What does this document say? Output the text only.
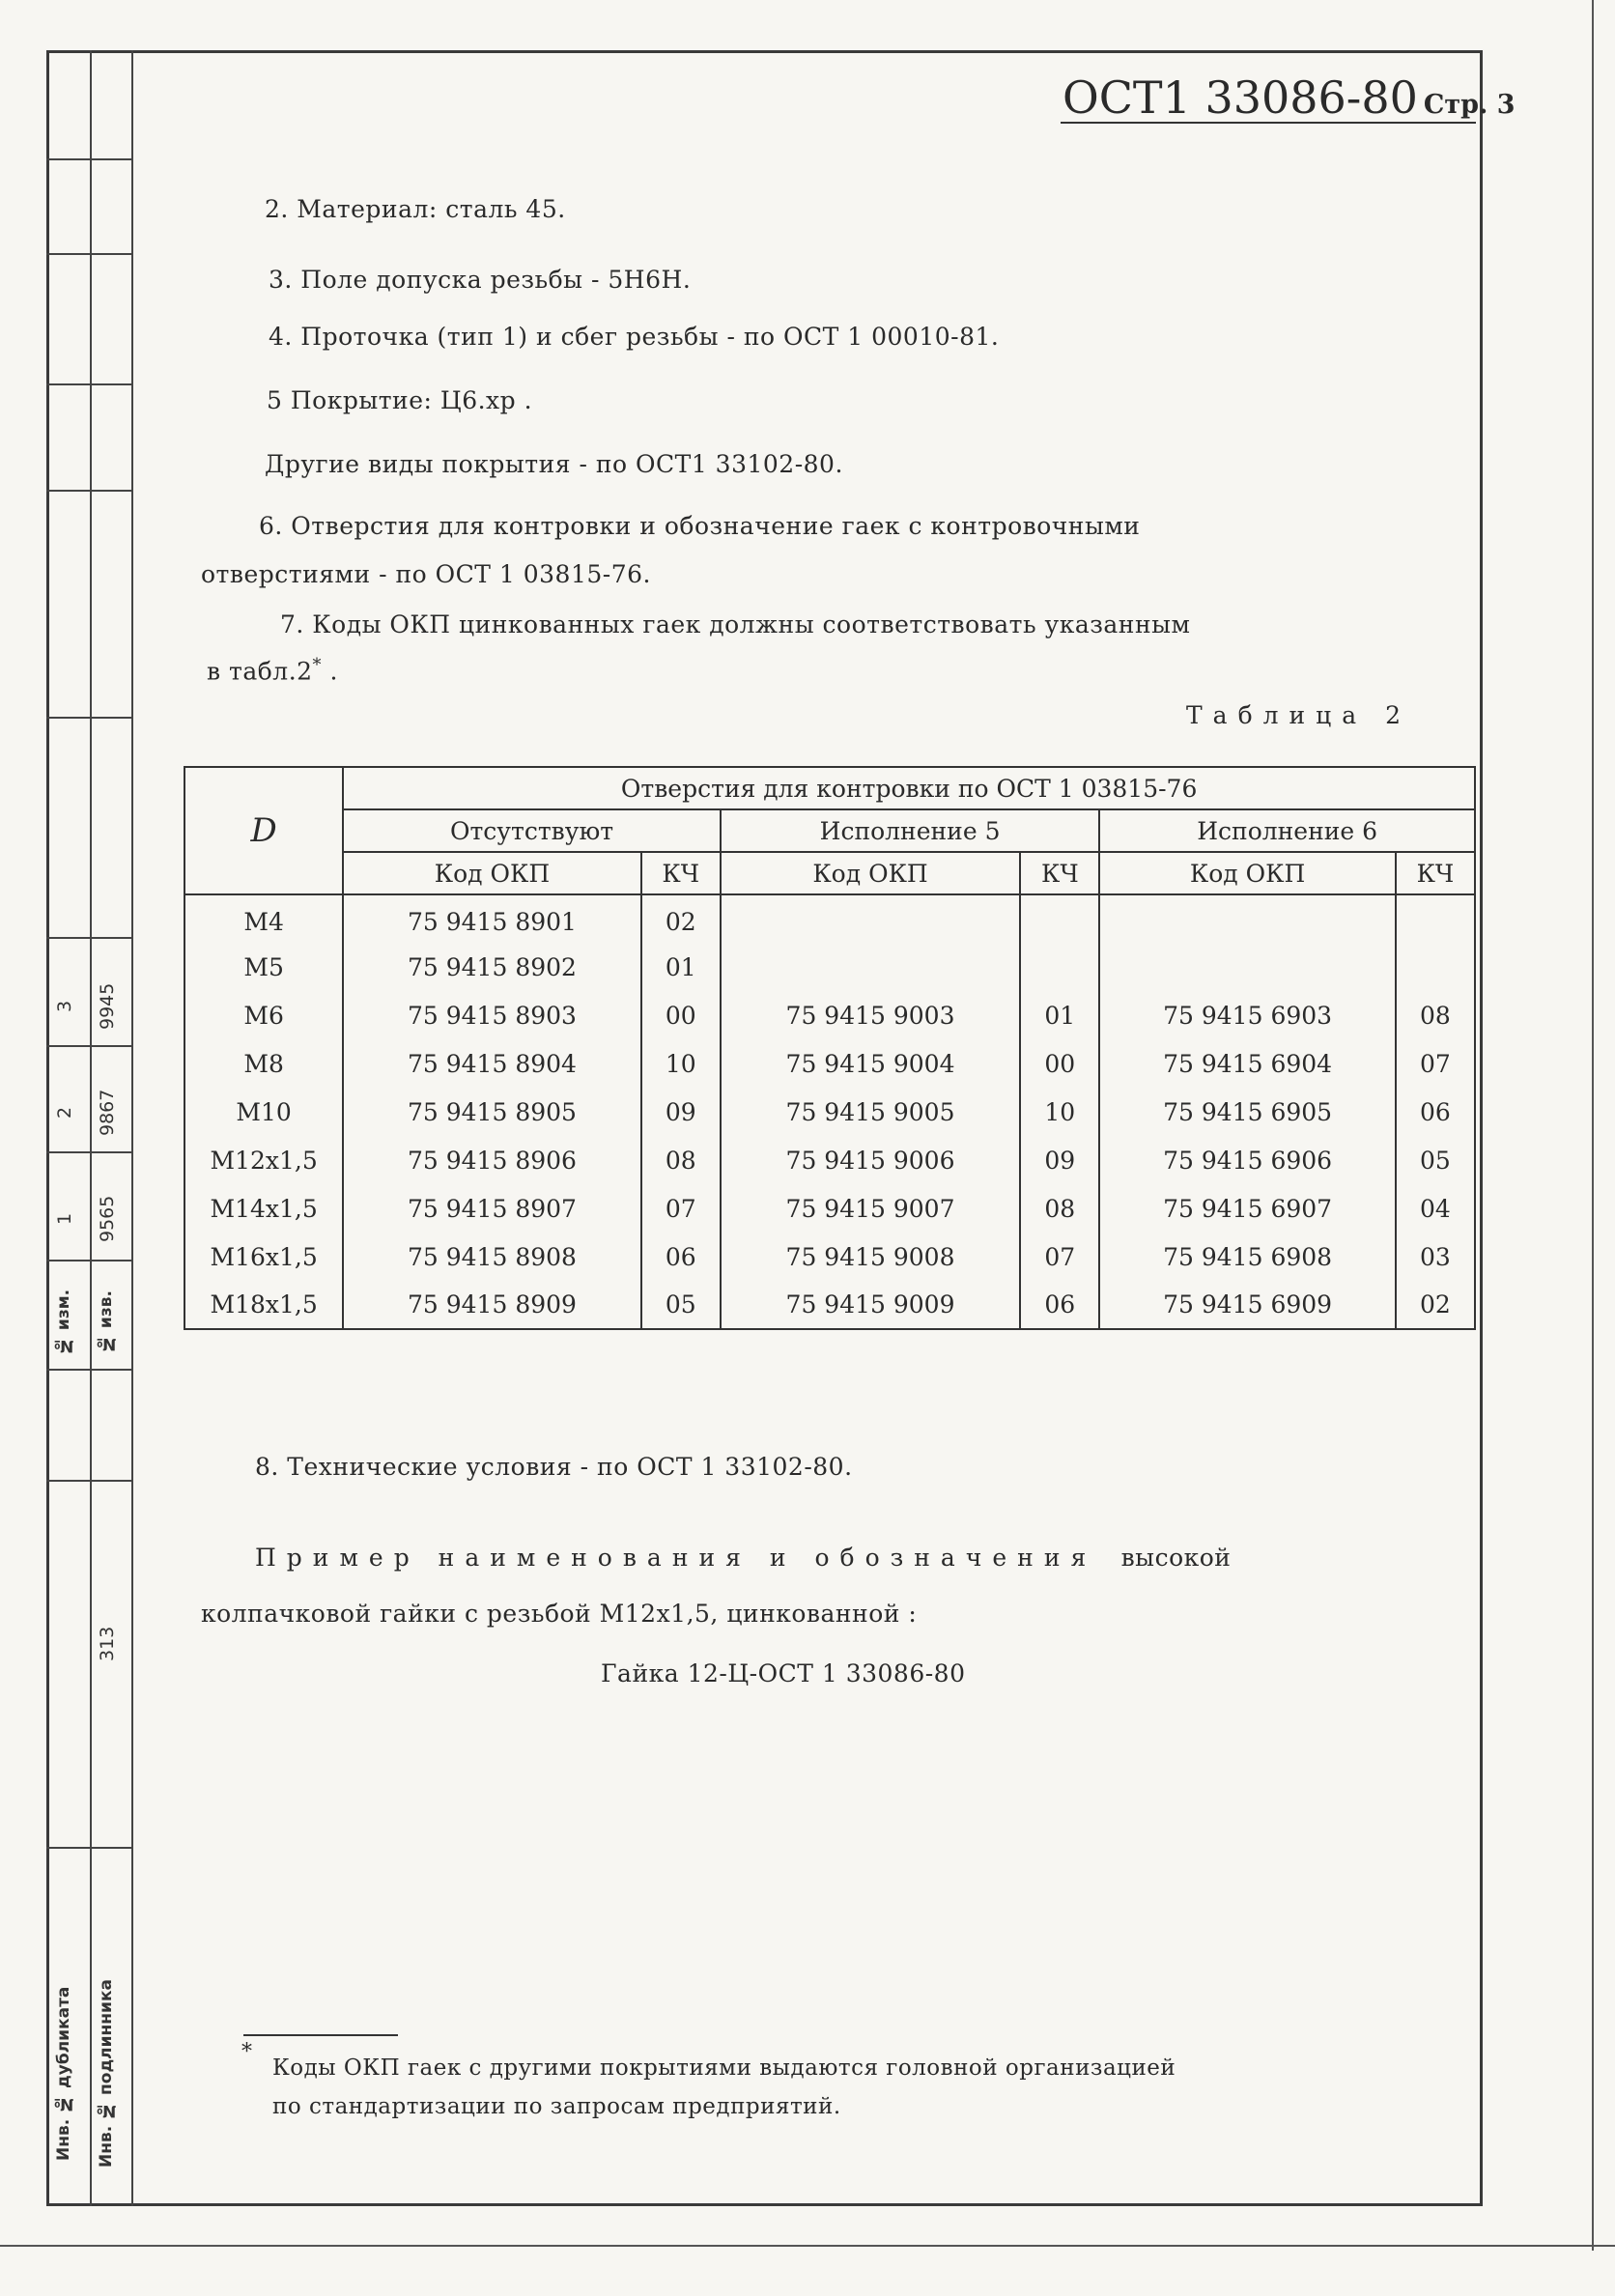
3	9945
2	9867
1	9565
№ изм.	№ изв.
313
Инв. № дубликата	Инв. № подлинника
ОСТ1 33086-80 Стр. 3
2. Материал: сталь 45.
3. Поле допуска резьбы - 5Н6Н.
4. Проточка (тип 1) и сбег резьбы - по ОСТ 1 00010-81.
5 Покрытие: Ц6.хр .
Другие виды покрытия - по ОСТ1 33102-80.
6. Отверстия для контровки и обозначение гаек с контровочными
отверстиями - по ОСТ 1 03815-76.
7. Коды ОКП цинкованных гаек должны соответствовать указанным
в табл.2* .
Таблица 2
D	Отверстия для контровки по ОСТ 1 03815-76					
	Отсутствуют		Исполнение 5		Исполнение 6	
	Код ОКП	КЧ	Код ОКП	КЧ	Код ОКП	КЧ
М4	75 9415 8901	02				
М5	75 9415 8902	01				
М6	75 9415 8903	00	75 9415 9003	01	75 9415 6903	08
М8	75 9415 8904	10	75 9415 9004	00	75 9415 6904	07
М10	75 9415 8905	09	75 9415 9005	10	75 9415 6905	06
М12х1,5	75 9415 8906	08	75 9415 9006	09	75 9415 6906	05
М14х1,5	75 9415 8907	07	75 9415 9007	08	75 9415 6907	04
М16х1,5	75 9415 8908	06	75 9415 9008	07	75 9415 6908	03
М18х1,5	75 9415 8909	05	75 9415 9009	06	75 9415 6909	02
8. Технические условия - по ОСТ 1 33102-80.
Пример наименования и обозначения высокой
колпачковой гайки с резьбой М12х1,5, цинкованной :
Гайка 12-Ц-ОСТ 1 33086-80
*
Коды ОКП гаек с другими покрытиями выдаются головной организацией
по стандартизации по запросам предприятий.
